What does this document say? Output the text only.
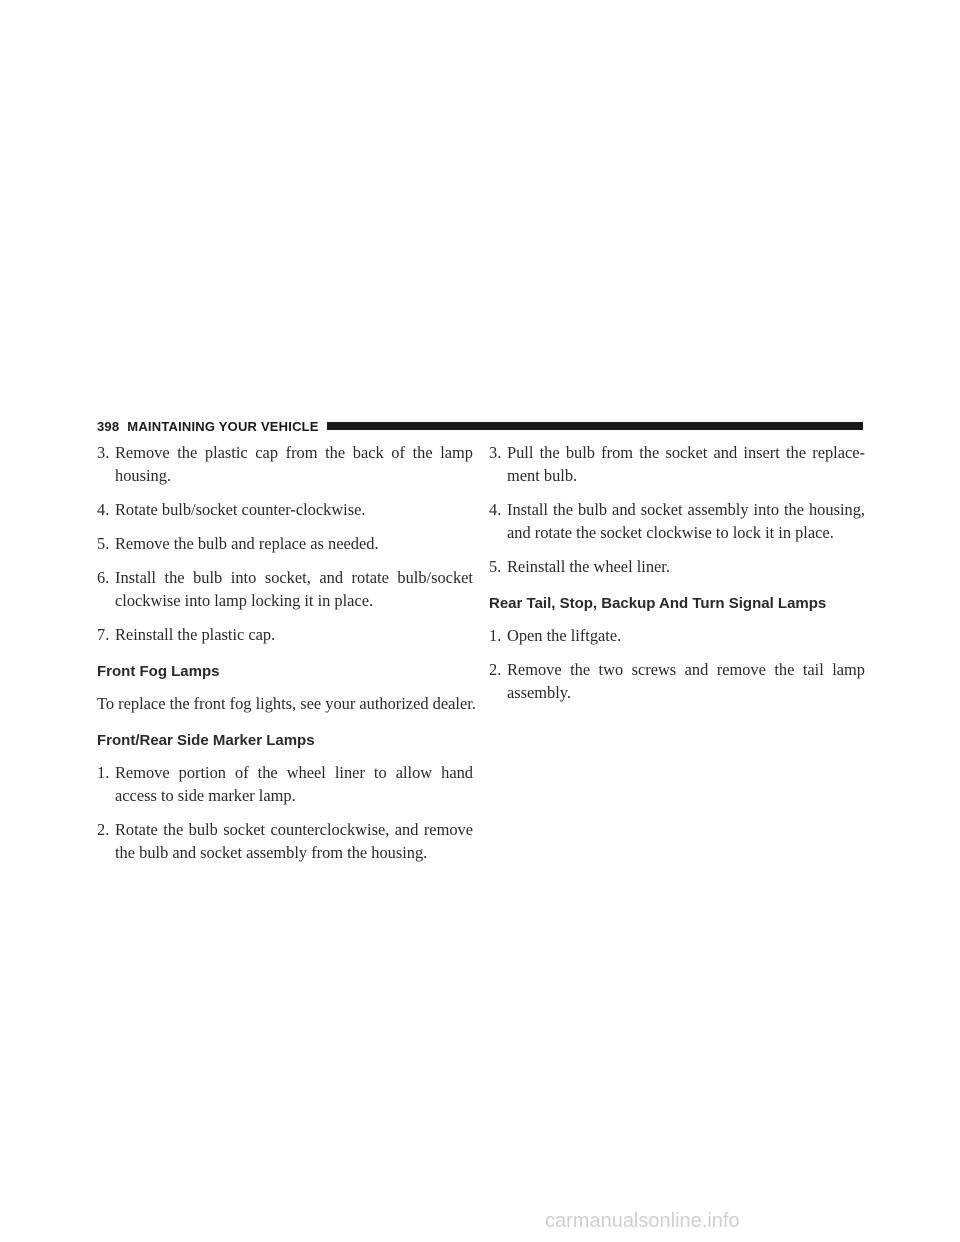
398 MAINTAINING YOUR VEHICLE
3. Remove the plastic cap from the back of the lamp housing.
4. Rotate bulb/socket counter-clockwise.
5. Remove the bulb and replace as needed.
6. Install the bulb into socket, and rotate bulb/socket clockwise into lamp locking it in place.
7. Reinstall the plastic cap.
Front Fog Lamps
To replace the front fog lights, see your authorized dealer.
Front/Rear Side Marker Lamps
1. Remove portion of the wheel liner to allow hand access to side marker lamp.
2. Rotate the bulb socket counterclockwise, and remove the bulb and socket assembly from the housing.
3. Pull the bulb from the socket and insert the replace- ment bulb.
4. Install the bulb and socket assembly into the housing, and rotate the socket clockwise to lock it in place.
5. Reinstall the wheel liner.
Rear Tail, Stop, Backup And Turn Signal Lamps
1. Open the liftgate.
2. Remove the two screws and remove the tail lamp assembly.
carmanualsonline.info
